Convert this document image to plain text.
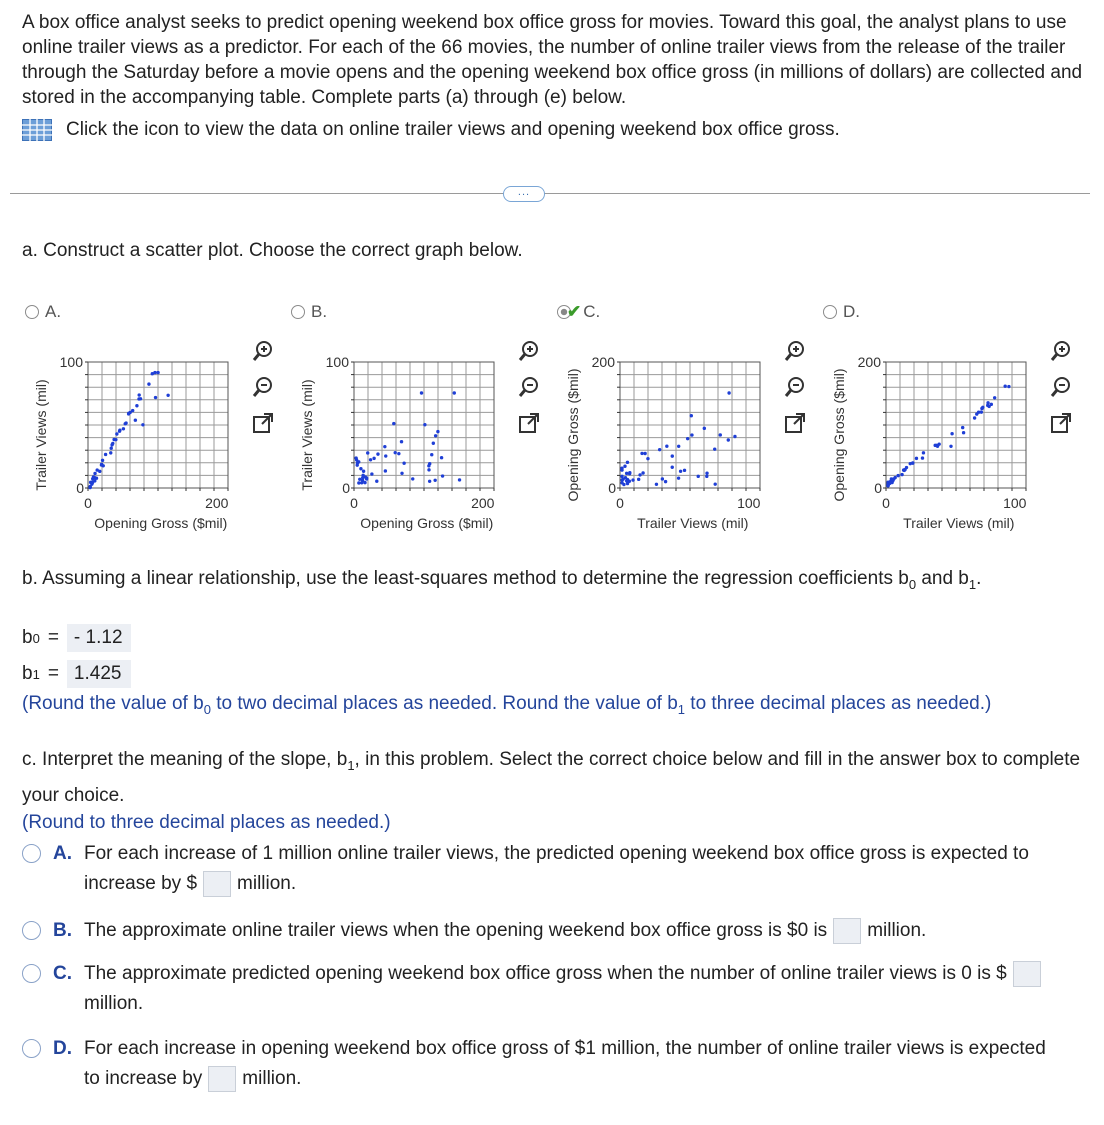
A box office analyst seeks to predict opening weekend box office gross for movies. Toward this goal, the analyst plans to use online trailer views as a predictor. For each of the 66 movies, the number of online trailer views from the release of the trailer through the Saturday before a movie opens and the opening weekend box office gross (in millions of dollars) are collected and stored in the accompanying table. Complete parts (a) through (e) below.

Click the icon to view the data on online trailer views and opening weekend box office gross.
...
a. Construct a scatter plot. Choose the correct graph below.
A.	B.	✔ C.	D.
100
0
0	200
Opening Gross ($mil)
Trailer Views (mil)
100
0
0	200
Opening Gross ($mil)
Trailer Views (mil)
200
0
0	100
Trailer Views (mil)
Opening Gross ($mil)
200
0
0	100
Trailer Views (mil)
Opening Gross ($mil)
b. Assuming a linear relationship, use the least-squares method to determine the regression coefficients $b_0$ and $b_1$.
b 0 = - 1.12
b 1 = 1.425
(Round the value of $b_0$ to two decimal places as needed. Round the value of $b_1$ to three decimal places as needed.)
c. Interpret the meaning of the slope, $b_1$, in this problem. Select the correct choice below and fill in the answer box to complete your choice.
(Round to three decimal places as needed.)
A. For each increase of 1 million online trailer views, the predicted opening weekend box office gross is expected to increase by $ million.
B. The approximate online trailer views when the opening weekend box office gross is $0 is million.
C. The approximate predicted opening weekend box office gross when the number of online trailer views is 0 is $million.
D. For each increase in opening weekend box office gross of $1 million, the number of online trailer views is expected to increase by million.
